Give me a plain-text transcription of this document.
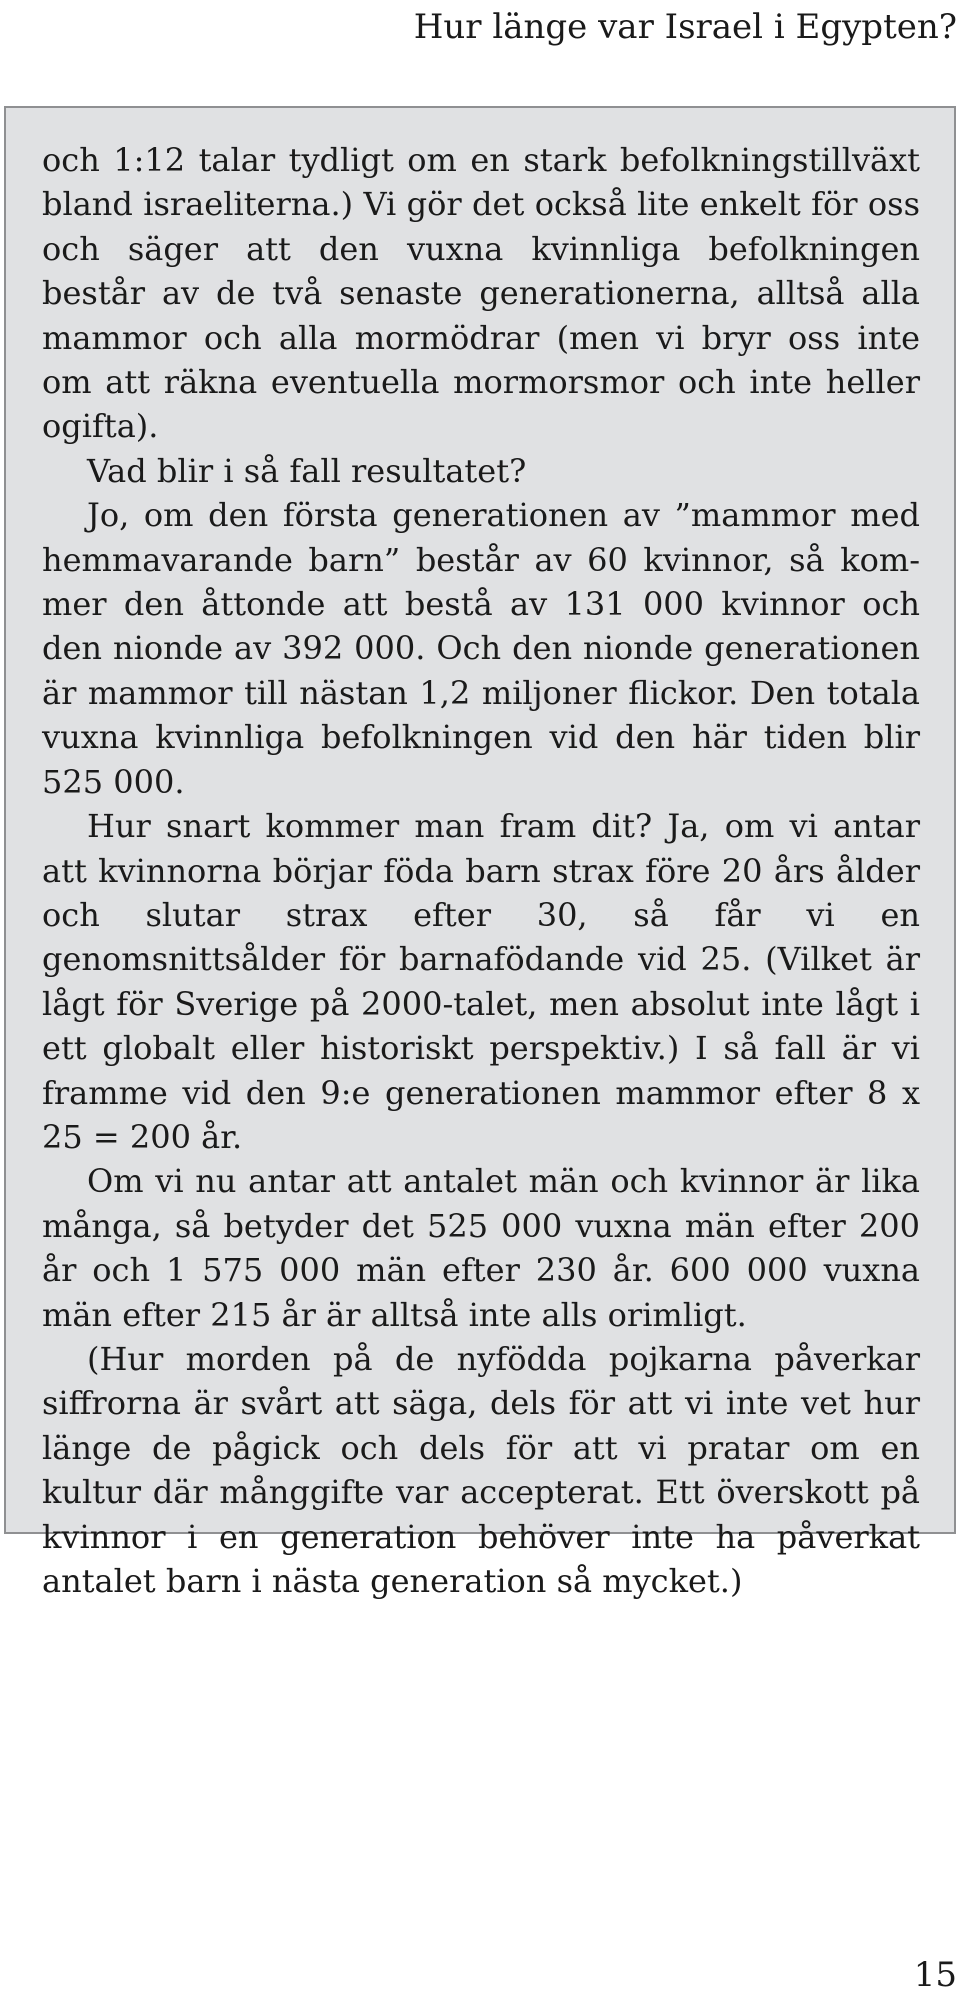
Hur länge var Israel i Egypten?

och 1:12 talar tydligt om en stark befolkningstillväxt bland israeliterna.) Vi gör det också lite enkelt för oss och säger att den vuxna kvinnliga befolkningen består av de två senaste generationerna, alltså alla mammor och alla mormödrar (men vi bryr oss inte om att räkna eventuella mormorsmor och inte heller ogifta).

Vad blir i så fall resultatet?

Jo, om den första generationen av ”mammor med hemmavarande barn” består av 60 kvinnor, så kommer den åttonde att bestå av 131 000 kvinnor och den nionde av 392 000. Och den nionde generationen är mammor till nästan 1,2 miljoner flickor. Den totala vuxna kvinnliga befolkningen vid den här tiden blir 525 000.

Hur snart kommer man fram dit? Ja, om vi antar att kvinnorna börjar föda barn strax före 20 års ålder och slutar strax efter 30, så får vi en genomsnittsålder för barnafödande vid 25. (Vilket är lågt för Sverige på 2000-talet, men absolut inte lågt i ett globalt eller historiskt perspektiv.) I så fall är vi framme vid den 9:e generationen mammor efter 8 x 25 = 200 år.

Om vi nu antar att antalet män och kvinnor är lika många, så betyder det 525 000 vuxna män efter 200 år och 1 575 000 män efter 230 år. 600 000 vuxna män efter 215 år är alltså inte alls orimligt.

(Hur morden på de nyfödda pojkarna påverkar siffrorna är svårt att säga, dels för att vi inte vet hur länge de pågick och dels för att vi pratar om en kultur där månggifte var accepterat. Ett överskott på kvinnor i en generation behöver inte ha påverkat antalet barn i nästa generation så mycket.)

15
